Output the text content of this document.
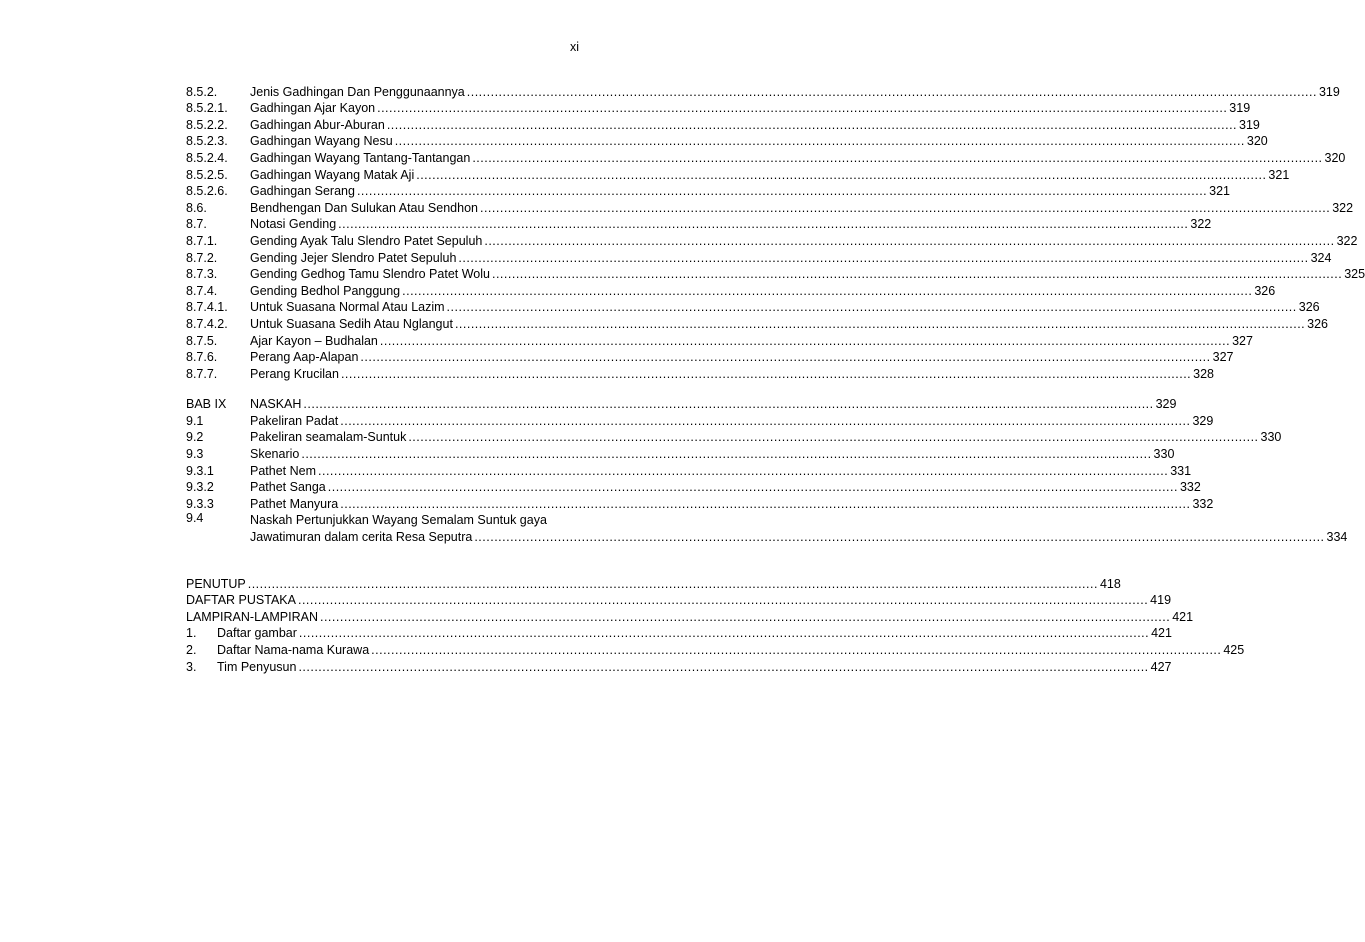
xi
8.5.2.	Jenis Gadhingan Dan Penggunaannya .....	319
8.5.2.1.	Gadhingan Ajar Kayon .....	319
8.5.2.2.	Gadhingan Abur-Aburan .....	319
8.5.2.3.	Gadhingan Wayang Nesu .....	320
8.5.2.4.	Gadhingan Wayang Tantang-Tantangan .....	320
8.5.2.5.	Gadhingan Wayang Matak Aji .....	321
8.5.2.6.	Gadhingan Serang .....	321
8.6.	Bendhengan Dan Sulukan Atau Sendhon .....	322
8.7.	Notasi Gending .....	322
8.7.1.	Gending Ayak Talu Slendro Patet Sepuluh .....	322
8.7.2.	Gending Jejer Slendro Patet Sepuluh .....	324
8.7.3.	Gending Gedhog Tamu Slendro Patet Wolu .....	325
8.7.4.	Gending Bedhol Panggung .....	326
8.7.4.1.	Untuk Suasana Normal Atau Lazim .....	326
8.7.4.2.	Untuk Suasana Sedih Atau Nglangut .....	326
8.7.5.	Ajar Kayon – Budhalan .....	327
8.7.6.	Perang Aap-Alapan .....	327
8.7.7.	Perang Krucilan .....	328
BAB IX	NASKAH .....	329
9.1	Pakeliran Padat .....	329
9.2	Pakeliran seamalam-Suntuk .....	330
9.3	Skenario .....	330
9.3.1	Pathet Nem .....	331
9.3.2	Pathet Sanga .....	332
9.3.3	Pathet Manyura .....	332
9.4	Naskah Pertunjukkan Wayang Semalam Suntuk gaya
Jawatimuran dalam cerita Resa Seputra .....	334
PENUTUP .....	418
DAFTAR PUSTAKA .....	419
LAMPIRAN-LAMPIRAN .....	421
1.	Daftar gambar .....	421
2.	Daftar Nama-nama Kurawa .....	425
3.	Tim Penyusun .....	427
